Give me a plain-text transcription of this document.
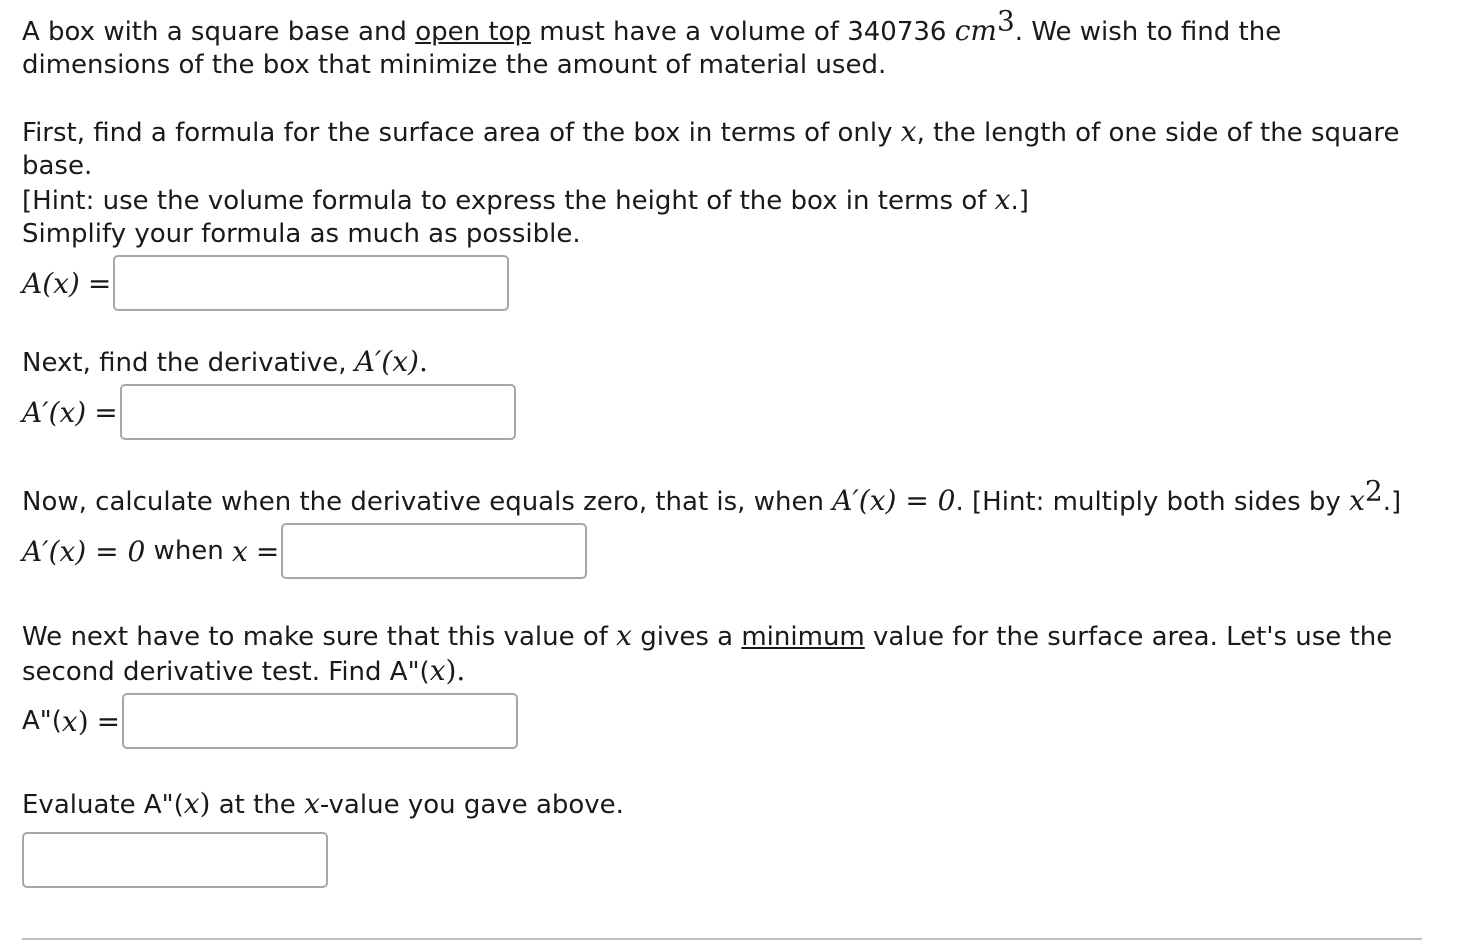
A box with a square base and open top must have a volume of 340736 $cm^3$. We wish to find the dimensions of the box that minimize the amount of material used.

First, find a formula for the surface area of the box in terms of only x, the length of one side of the square base.

[Hint: use the volume formula to express the height of the box in terms of x.]

Simplify your formula as much as possible.

A(x) =

Next, find the derivative, A′(x).

A′(x) =

Now, calculate when the derivative equals zero, that is, when A′(x) = 0. [Hint: multiply both sides by $x^2$.]

A′(x) = 0 when x =

We next have to make sure that this value of x gives a minimum value for the surface area. Let's use the second derivative test. Find A"(x).

A"( x ) =

Evaluate A"(x) at the x-value you gave above.
